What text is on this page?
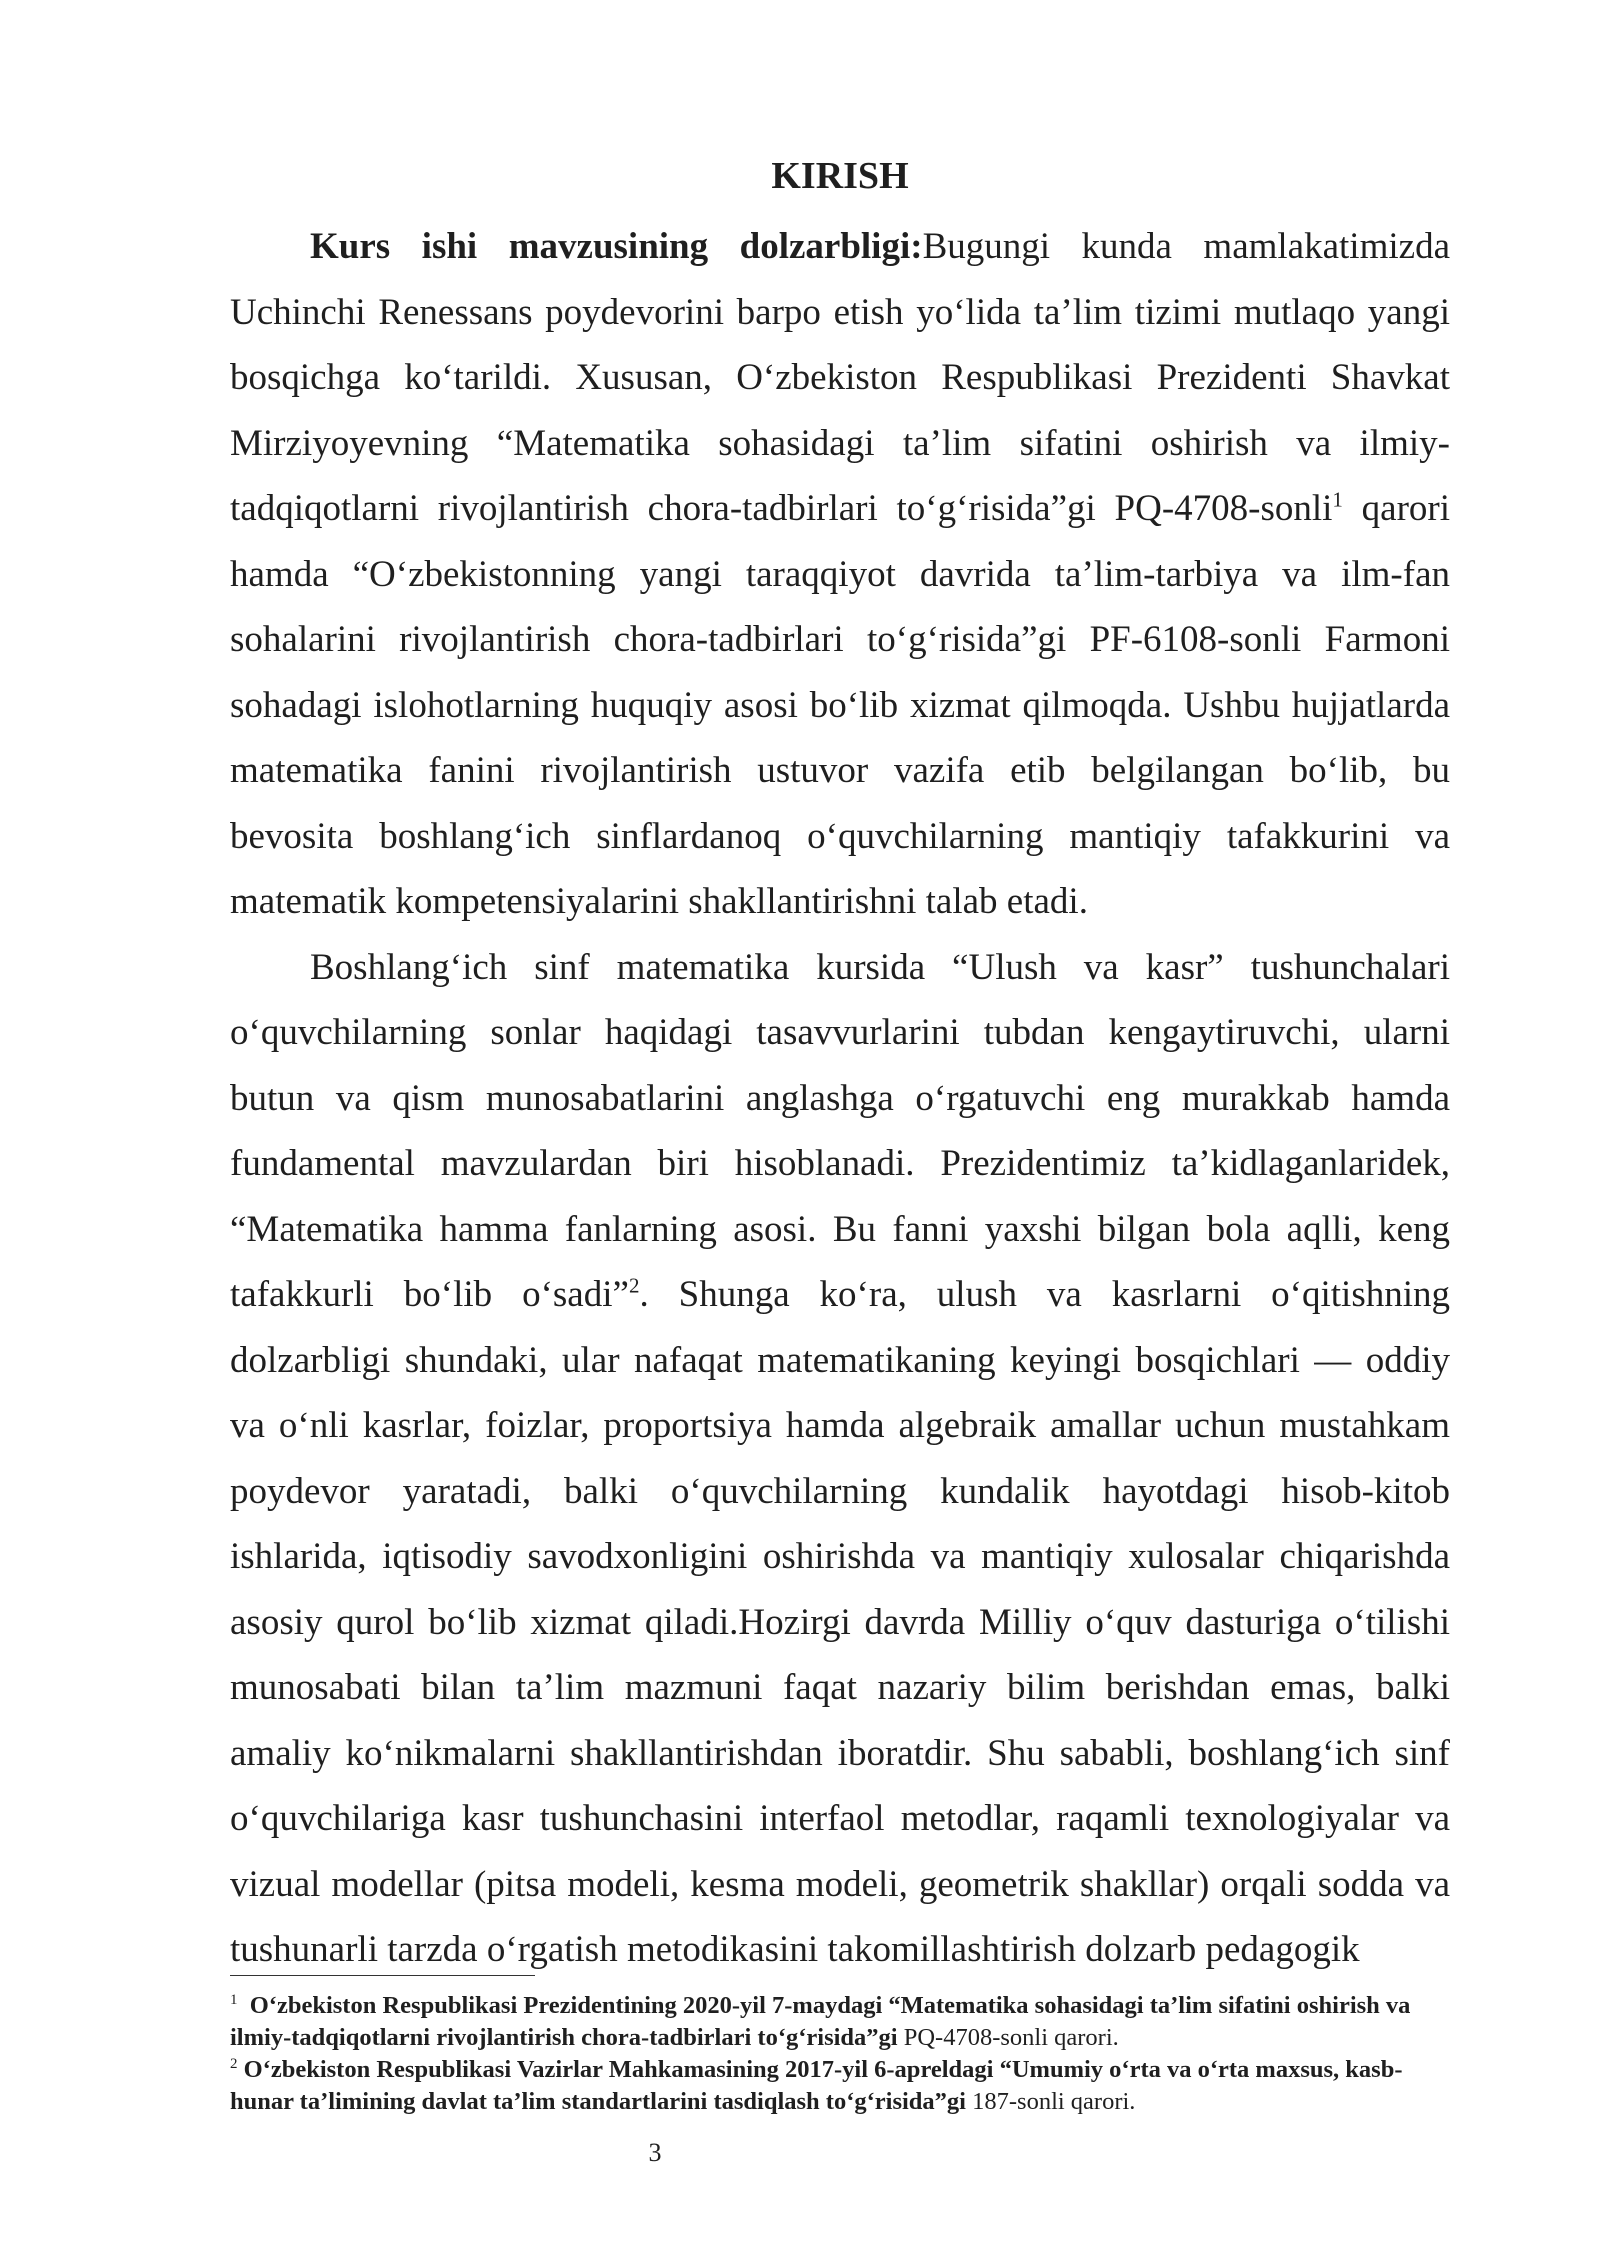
KIRISH

Kurs ishi mavzusining dolzarbligi:Bugungi kunda mamlakatimizda Uchinchi Renessans poydevorini barpo etish yo‘lida ta’lim tizimi mutlaqo yangi bosqichga ko‘tarildi. Xususan, O‘zbekiston Respublikasi Prezidenti Shavkat Mirziyoyevning “Matematika sohasidagi ta’lim sifatini oshirish va ilmiy-tadqiqotlarni rivojlantirish chora-tadbirlari to‘g‘risida”gi PQ-4708-sonli$^1$ qarori hamda “O‘zbekistonning yangi taraqqiyot davrida ta’lim-tarbiya va ilm-fan sohalarini rivojlantirish chora-tadbirlari to‘g‘risida”gi PF-6108-sonli Farmoni sohadagi islohotlarning huquqiy asosi bo‘lib xizmat qilmoqda. Ushbu hujjatlarda matematika fanini rivojlantirish ustuvor vazifa etib belgilangan bo‘lib, bu bevosita boshlang‘ich sinflardanoq o‘quvchilarning mantiqiy tafakkurini va matematik kompetensiyalarini shakllantirishni talab etadi.

Boshlang‘ich sinf matematika kursida “Ulush va kasr” tushunchalari o‘quvchilarning sonlar haqidagi tasavvurlarini tubdan kengaytiruvchi, ularni butun va qism munosabatlarini anglashga o‘rgatuvchi eng murakkab hamda fundamental mavzulardan biri hisoblanadi. Prezidentimiz ta’kidlaganlaridek, “Matematika hamma fanlarning asosi. Bu fanni yaxshi bilgan bola aqlli, keng tafakkurli bo‘lib o‘sadi”$^2$. Shunga ko‘ra, ulush va kasrlarni o‘qitishning dolzarbligi shundaki, ular nafaqat matematikaning keyingi bosqichlari — oddiy va o‘nli kasrlar, foizlar, proportsiya hamda algebraik amallar uchun mustahkam poydevor yaratadi, balki o‘quvchilarning kundalik hayotdagi hisob-kitob ishlarida, iqtisodiy savodxonligini oshirishda va mantiqiy xulosalar chiqarishda asosiy qurol bo‘lib xizmat qiladi.Hozirgi davrda Milliy o‘quv dasturiga o‘tilishi munosabati bilan ta’lim mazmuni faqat nazariy bilim berishdan emas, balki amaliy ko‘nikmalarni shakllantirishdan iboratdir. Shu sababli, boshlang‘ich sinf o‘quvchilariga kasr tushunchasini interfaol metodlar, raqamli texnologiyalar va vizual modellar (pitsa modeli, kesma modeli, geometrik shakllar) orqali sodda va tushunarli tarzda o‘rgatish metodikasini takomillashtirish dolzarb pedagogik

$^1$ O‘zbekiston Respublikasi Prezidentining 2020-yil 7-maydagi “Matematika sohasidagi ta’lim sifatini oshirish va ilmiy-tadqiqotlarni rivojlantirish chora-tadbirlari to‘g‘risida”gi PQ-4708-sonli qarori.

$^2$ O‘zbekiston Respublikasi Vazirlar Mahkamasining 2017-yil 6-apreldagi “Umumiy o‘rta va o‘rta maxsus, kasb-hunar ta’limining davlat ta’lim standartlarini tasdiqlash to‘g‘risida”gi 187-sonli qarori.

3
